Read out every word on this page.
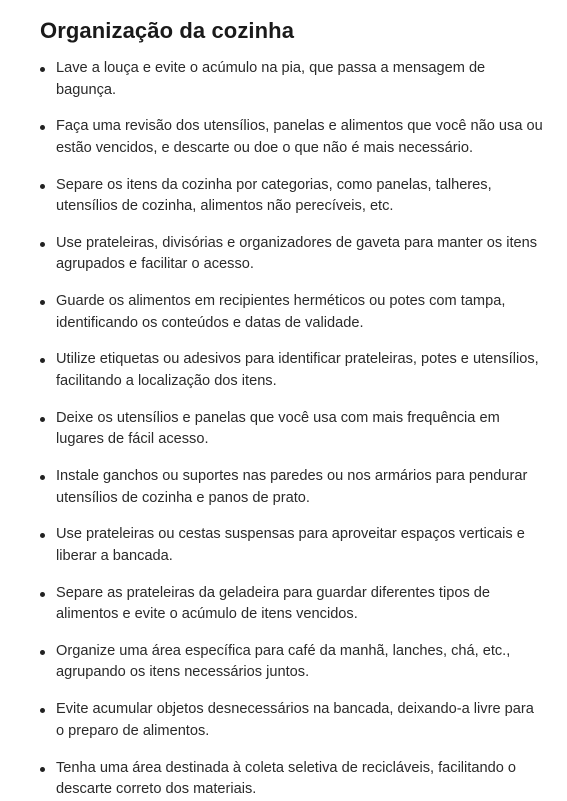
Organização da cozinha
Lave a louça e evite o acúmulo na pia, que passa a mensagem de bagunça.
Faça uma revisão dos utensílios, panelas e alimentos que você não usa ou estão vencidos, e descarte ou doe o que não é mais necessário.
Separe os itens da cozinha por categorias, como panelas, talheres, utensílios de cozinha, alimentos não perecíveis, etc.
Use prateleiras, divisórias e organizadores de gaveta para manter os itens agrupados e facilitar o acesso.
Guarde os alimentos em recipientes herméticos ou potes com tampa, identificando os conteúdos e datas de validade.
Utilize etiquetas ou adesivos para identificar prateleiras, potes e utensílios, facilitando a localização dos itens.
Deixe os utensílios e panelas que você usa com mais frequência em lugares de fácil acesso.
Instale ganchos ou suportes nas paredes ou nos armários para pendurar utensílios de cozinha e panos de prato.
Use prateleiras ou cestas suspensas para aproveitar espaços verticais e liberar a bancada.
Separe as prateleiras da geladeira para guardar diferentes tipos de alimentos e evite o acúmulo de itens vencidos.
Organize uma área específica para café da manhã, lanches, chá, etc., agrupando os itens necessários juntos.
Evite acumular objetos desnecessários na bancada, deixando-a livre para o preparo de alimentos.
Tenha uma área destinada à coleta seletiva de recicláveis, facilitando o descarte correto dos materiais.
